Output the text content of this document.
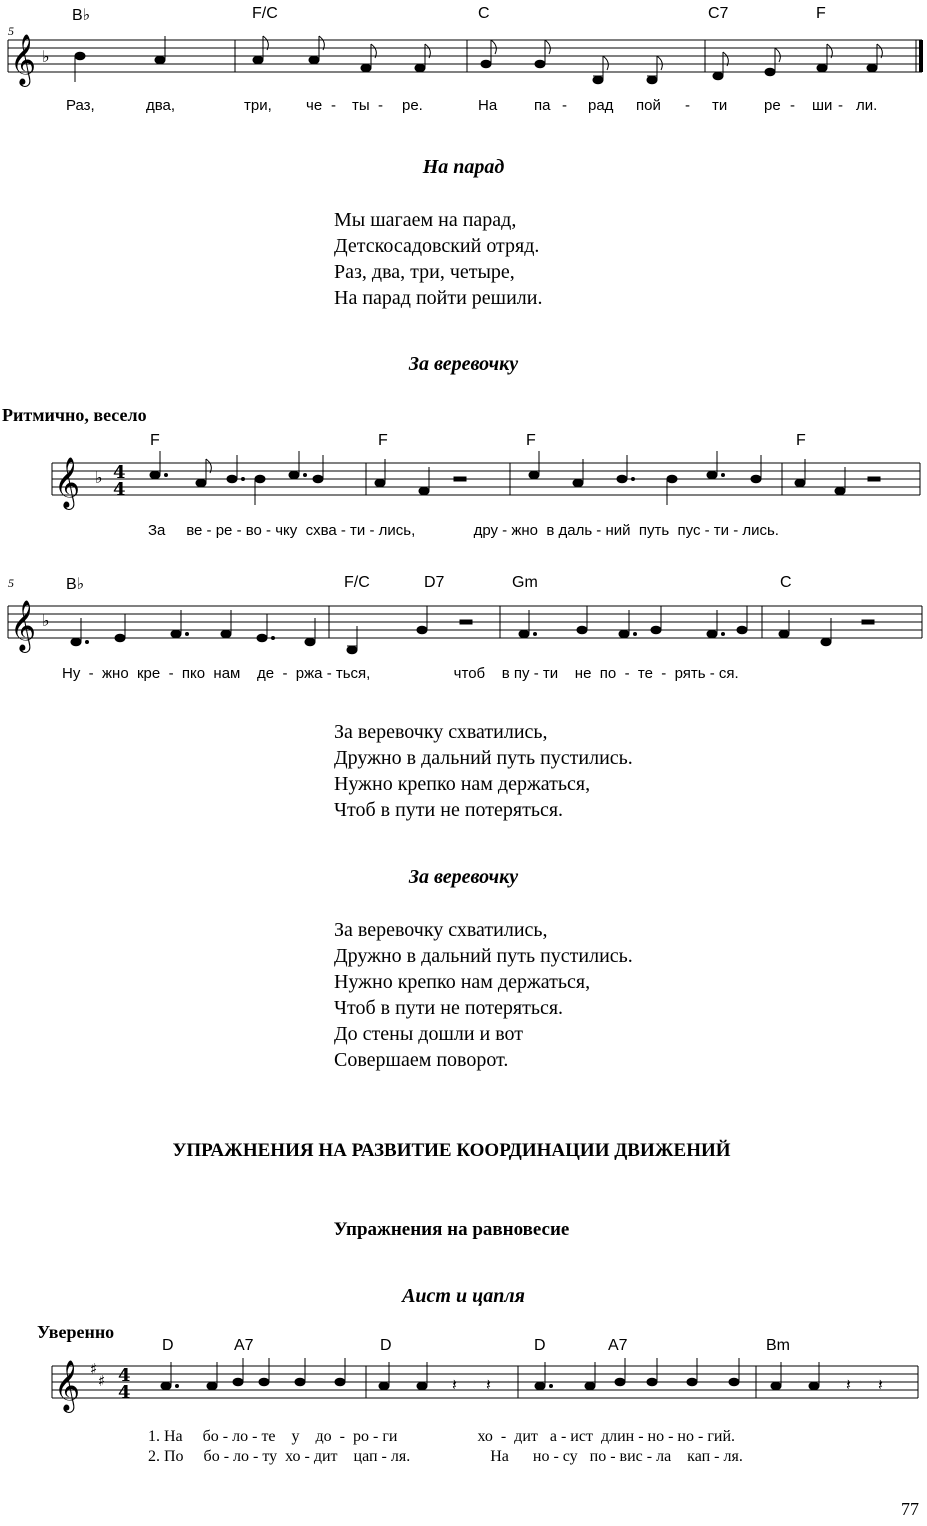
5
B♭	F/C	C	C7	F
𝄞 ♭
Раз,	два,	три, че - ты - ре.	На па - рад пой - ти ре - ши - ли.
На парад
Мы шагаем на парад,
Детскосадовский отряд.
Раз, два, три, четыре,
На парад пойти решили.
За веревочку
Ритмично, весело
F	F	F	F
𝄞 ♭ 4
4
За     ве - ре - во - чку  схва - ти - лись,              дру - жно  в даль - ний  путь  пус - ти - лись.
5	B♭	F/C	D7	Gm	C
𝄞 ♭
Ну  -  жно  кре  -  пко  нам    де  -  ржа - ться,                    чтоб    в пу - ти    не  по  -  те  -  рять - ся.
За веревочку схватились,
Дружно в дальний путь пустились.
Нужно крепко нам держаться,
Чтоб в пути не потеряться.
За веревочку
За веревочку схватились,
Дружно в дальний путь пустились.
Нужно крепко нам держаться,
Чтоб в пути не потеряться.
До стены дошли и вот
Совершаем поворот.
УПРАЖНЕНИЯ НА РАЗВИТИЕ КООРДИНАЦИИ ДВИЖЕНИЙ
Упражнения на равновесие
Аист и цапля
Уверенно
D	A7	D	D	A7	Bm
𝄞 ♯
♯ 4
4	𝄽 𝄽	𝄽 𝄽
1. На     бо - ло - те    у    до  -  ро - ги                    хо  -  дит   а - ист  длин - но - но - гий.
2. По     бо - ло - ту  хо - дит    цап - ля.                    На      но - су   по - вис - ла    кап - ля.
77
